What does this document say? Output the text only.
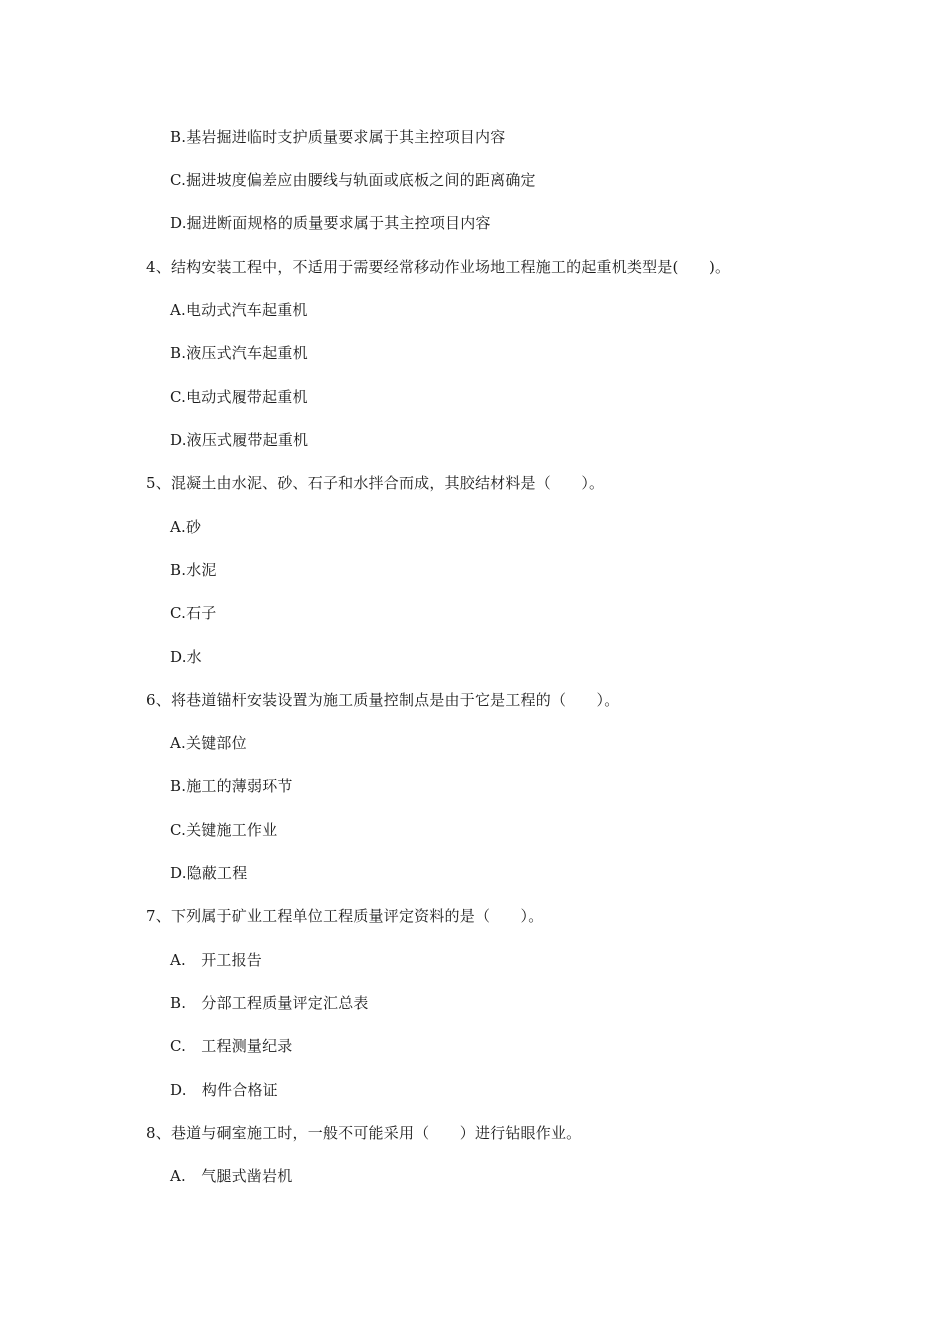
B.基岩掘进临时支护质量要求属于其主控项目内容
C.掘进坡度偏差应由腰线与轨面或底板之间的距离确定
D.掘进断面规格的质量要求属于其主控项目内容
4、结构安装工程中，不适用于需要经常移动作业场地工程施工的起重机类型是(　　)。
A.电动式汽车起重机
B.液压式汽车起重机
C.电动式履带起重机
D.液压式履带起重机
5、混凝土由水泥、砂、石子和水拌合而成，其胶结材料是（　　）。
A.砂
B.水泥
C.石子
D.水
6、将巷道锚杆安装设置为施工质量控制点是由于它是工程的（　　）。
A.关键部位
B.施工的薄弱环节
C.关键施工作业
D.隐蔽工程
7、下列属于矿业工程单位工程质量评定资料的是（　　）。
A.　开工报告
B.　分部工程质量评定汇总表
C.　工程测量纪录
D.　构件合格证
8、巷道与硐室施工时，一般不可能采用（　　）进行钻眼作业。
A.　气腿式凿岩机
